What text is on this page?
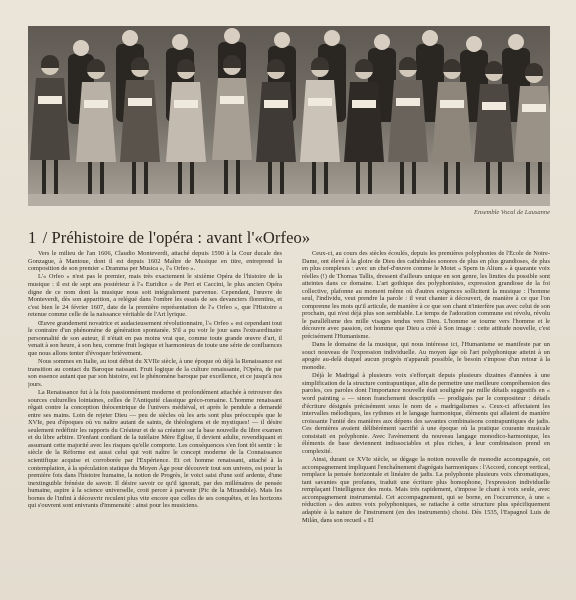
Ensemble Vocal de Lausanne
1 / Préhistoire de l'opéra : avant l'«Orfeo»

Vers le milieu de l'an 1606, Claudio Monteverdi, attaché depuis 1590 à la Cour ducale des Gonzague, à Mantoue, dont il est depuis 1602 Maître de Musique en titre, entreprend la composition de son premier « Dramma per Musica », l'« Orfeo ».

L'« Orfeo » n'est pas le premier, mais très exactement le sixième Opéra de l'histoire de la musique : il est de sept ans postérieur à l'« Euridice » de Peri et Caccini, le plus ancien Opéra digne de ce nom dont la musique nous soit intégralement parvenue. Cependant, l'œuvre de Monteverdi, dès son apparition, a relégué dans l'ombre les essais de ses devanciers florentins, et c'est bien le 24 février 1607, date de la première représentation de l'« Orfeo », que l'Histoire a retenue comme celle de la naissance véritable de l'Art lyrique.

Œuvre grandement novatrice et audacieusement révolutionnaire, l'« Orfeo » est cependant tout le contraire d'un phénomène de génération spontanée. S'il a pu voir le jour sans l'extraordinaire personnalité de son auteur, il n'était en pas moins vrai que, comme toute grande œuvre d'art, il venait à son heure, à son heu, comme fruit logique et harmonieux de toute une série de confluences que nous allons tenter d'évoquer brièvement.

Nous sommes en Italie, au tout début du XVIIe siècle, à une époque où déjà la Renaissance est transition au contact du Baroque naissant. Fruit logique de la culture renaissante, l'Opéra, de par son essence autant que par son histoire, est le phénomène baroque par excellence, et ce jusqu'à nos jours.

La Renaissance fut à la fois passionnément moderne et profondément attachée à retrouver des sources culturelles lointaines, celles de l'Antiquité classique gréco-romaine. L'homme renaissant rêgait contre la conception théocentrique de l'univers médiéval, et après le pendule a demandé entre ses mains. Loin de rejeter Dieu — peu de siècles où les arts sont plus préoccupés que le XVIe, peu d'époques où vu naître autant de saints, de théologiens et de mystiques! — il désire seulement redéfinir les rapports du Créateur et de sa créature sur la base nouvelle du libre examen et du libre arbitre. D'enfant confiant de la tutélaire Mère Église, il devient adulte, revendiquant et assumant cette majorité avec les risques qu'elle comporte. Les conséquences s'en font tôt sentir : le siècle de la Réforme est aussi celui qui voit naître le concept moderne de la Connaissance scientifique acquise et corroborée par l'Expérience. Et cet homme renaissant, attaché à la contemplation, à la spéculation statique du Moyen Âge pour découvrir tout son univers, est pour la première fois dans l'histoire humaine, la notion de Progrès, le voici saisi d'une soif ardente, d'une inextinguible frénésie de savoir. Il désire savoir ce qu'il ignorait, par des millénaires de pensée humaine, aspire à la science universelle, croit percer à parvenir (Pic de la Mirandole). Mais les bornes de l'infini à découvrir reculent plus vite encore que celles de ses conquêtes, et les horizons qui s'ouvrent sont enivrants d'immensité : ainsi pour les musiciens.

Ceux-ci, au cours des siècles écoulés, depuis les premières polyphonies de l'École de Notre-Dame, ont élevé à la gloire de Dieu des cathédrales sonores de plus en plus grandioses, de plus en plus complexes : avec un chef-d'œuvre comme le Motet « Spem in Alium » à quarante voix réelles (!) de Thomas Tallis, dressent d'ailleurs unique en son genre, les limites du possible sont atteintes dans ce domaine. L'art gothique des polyphonistes, expression grandiose de la foi collective, plafonne au moment même où d'autres exigences sollicitent la musique : l'homme seul, l'individu, veut prendre la parole : il veut chanter à découvert, de manière à ce que l'on comprenne les mots qu'il articule, de manière à ce que son chant n'interfère pas avec celui de son prochain, qui n'est déjà plus son semblable. Le temps de l'adoration commune est révolu, révolu le parallélisme des mille visages tendus vers Dieu. L'homme se tourne vers l'homme et le découvre avec passion, cet homme que Dieu a créé à Son image : cette attitude nouvelle, c'est précisément l'Humanisme.

Dans le domaine de la musique, qui nous intéresse ici, l'Humanisme se manifeste par un souci nouveau de l'expression individuelle. Au moyen âge où l'art polyphonique atteint à un apogée au-delà duquel aucun progrès n'apparaît possible, le besoin s'impose d'un retour à la monodie.

Déjà le Madrigal à plusieurs voix s'efforçait depuis plusieurs dizaines d'années à une simplification de la structure contrapuntique, afin de permettre une meilleure compréhension des paroles, ces paroles dont l'importance nouvelle était soulignée par mille détails suggestifs en « word painting » — sinon franchement descriptifs — prodigués par le compositeur : détails d'écriture désignés précisément sous le nom de « madrigalismes ». Ceux-ci affectaient les intervalles mélodiques, les rythmes et le langage harmonique, éléments qui allaient de manière croissante l'unité des manières aux dépens des savantes combinaisons contrapuntiques de jadis. Ces dernières avaient délibérément sacrifié à une époque où la pratique courante musicale consistait en polyphonie. Avec l'avènement du nouveau langage monodico-harmonique, les éléments de base deviennent indissociables et plus riches, à leur combinaison prend en complexité.

Ainsi, durant ce XVIe siècle, se dégage la notion nouvelle de monodie accompagnée, cet accompagnement impliquant l'enchaînement d'agrégats harmoniques : l'Accord, concept vertical, remplace la pensée horizontale et linéaire de jadis. La polyphonie plusieurs voix chromatiques, tant savantes que profanes, traduit une écriture plus homophone, l'expression individuelle remplaçant l'intelligence des mots. Mais très rapidement, s'impose le chant à voix seule, avec accompagnement instrumental. Cet accompagnement, qui se borne, en l'occurrence, à une « réduction » des autres voix polyphoniques, se rattache à cette structure plus spécifiquement adaptée à la nature de l'instrument (en des instruments) choisi. Dès 1535, l'Espagnol Luis de Milán, dans son recueil « El
